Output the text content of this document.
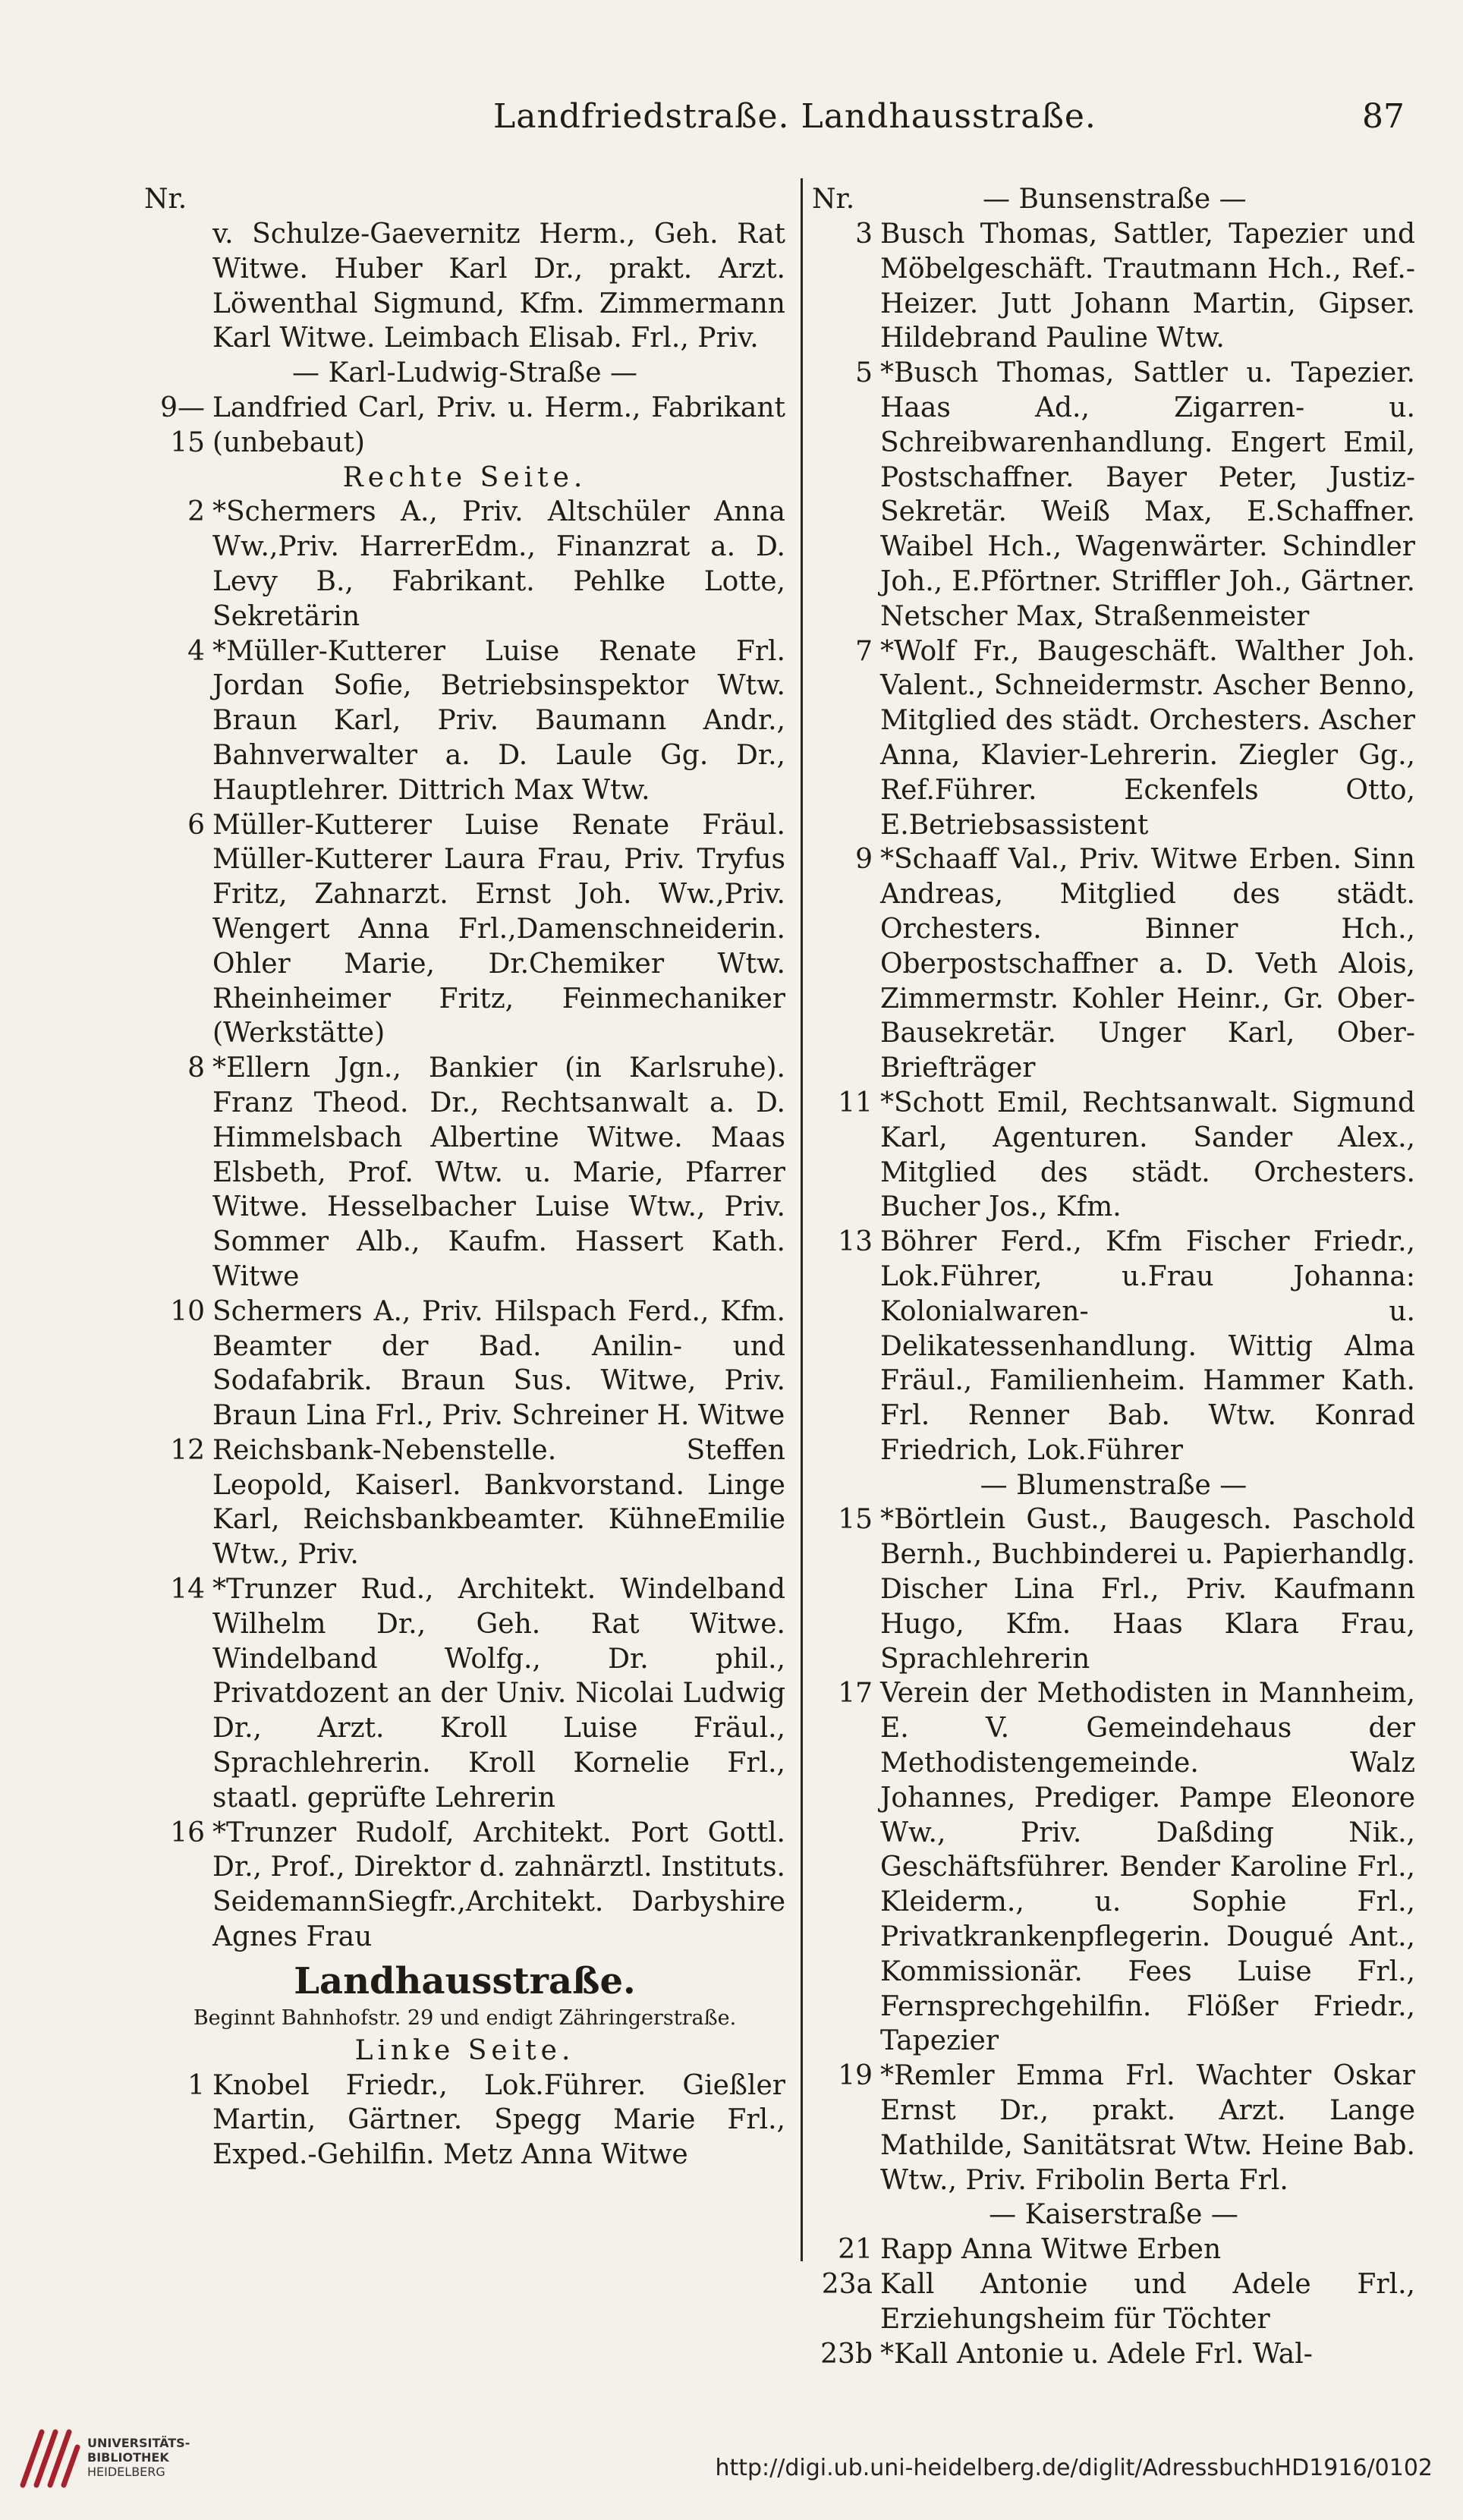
Landfriedstraße. Landhausstraße.	87
Nr.
v. Schulze-Gaevernitz Herm., Geh. Rat Witwe. Huber Karl Dr., prakt. Arzt. Löwenthal Sigmund, Kfm. Zimmermann Karl Witwe. Leimbach Elisab. Frl., Priv.
— Karl-Ludwig-Straße —
9—15
Landfried Carl, Priv. u. Herm., Fabrikant (unbebaut)
Rechte Seite.
2 *Schermers A., Priv. Altschüler Anna Ww.,Priv. HarrerEdm., Finanzrat a. D. Levy B., Fabrikant. Pehlke Lotte, Sekretärin
4 *Müller-Kutterer Luise Renate Frl. Jordan Sofie, Betriebsinspektor Wtw. Braun Karl, Priv. Baumann Andr., Bahnverwalter a. D. Laule Gg. Dr., Hauptlehrer. Dittrich Max Wtw.
6 Müller-Kutterer Luise Renate Fräul. Müller-Kutterer Laura Frau, Priv. Tryfus Fritz, Zahnarzt. Ernst Joh. Ww.,Priv. Wengert Anna Frl.,Damenschneiderin. Ohler Marie, Dr.Chemiker Wtw. Rheinheimer Fritz, Feinmechaniker (Werkstätte)
8 *Ellern Jgn., Bankier (in Karlsruhe). Franz Theod. Dr., Rechtsanwalt a. D. Himmelsbach Albertine Witwe. Maas Elsbeth, Prof. Wtw. u. Marie, Pfarrer Witwe. Hesselbacher Luise Wtw., Priv. Sommer Alb., Kaufm. Hassert Kath. Witwe
10 Schermers A., Priv. Hilspach Ferd., Kfm. Beamter der Bad. Anilin- und Sodafabrik. Braun Sus. Witwe, Priv. Braun Lina Frl., Priv. Schreiner H. Witwe
12 Reichsbank-Nebenstelle. Steffen Leopold, Kaiserl. Bankvorstand. Linge Karl, Reichsbankbeamter. KühneEmilie Wtw., Priv.
14 *Trunzer Rud., Architekt. Windelband Wilhelm Dr., Geh. Rat Witwe. Windelband Wolfg., Dr. phil., Privatdozent an der Univ. Nicolai Ludwig Dr., Arzt. Kroll Luise Fräul., Sprachlehrerin. Kroll Kornelie Frl., staatl. geprüfte Lehrerin
16 *Trunzer Rudolf, Architekt. Port Gottl. Dr., Prof., Direktor d. zahnärztl. Instituts. SeidemannSiegfr.,Architekt. Darbyshire Agnes Frau
Landhausstraße.
Beginnt Bahnhofstr. 29 und endigt Zähringerstraße.
Linke Seite.
1 Knobel Friedr., Lok.Führer. Gießler Martin, Gärtner. Spegg Marie Frl., Exped.-Gehilfin. Metz Anna Witwe
Nr.	— Bunsenstraße —
3 Busch Thomas, Sattler, Tapezier und Möbelgeschäft. Trautmann Hch., Ref.-Heizer. Jutt Johann Martin, Gipser. Hildebrand Pauline Wtw.
5 *Busch Thomas, Sattler u. Tapezier. Haas Ad., Zigarren- u. Schreibwarenhandlung. Engert Emil, Postschaffner. Bayer Peter, Justiz-Sekretär. Weiß Max, E.Schaffner. Waibel Hch., Wagenwärter. Schindler Joh., E.Pförtner. Striffler Joh., Gärtner. Netscher Max, Straßenmeister
7 *Wolf Fr., Baugeschäft. Walther Joh. Valent., Schneidermstr. Ascher Benno, Mitglied des städt. Orchesters. Ascher Anna, Klavier-Lehrerin. Ziegler Gg., Ref.Führer. Eckenfels Otto, E.Betriebsassistent
9 *Schaaff Val., Priv. Witwe Erben. Sinn Andreas, Mitglied des städt. Orchesters. Binner Hch., Oberpostschaffner a. D. Veth Alois, Zimmermstr. Kohler Heinr., Gr. Ober-Bausekretär. Unger Karl, Ober-Briefträger
11 *Schott Emil, Rechtsanwalt. Sigmund Karl, Agenturen. Sander Alex., Mitglied des städt. Orchesters. Bucher Jos., Kfm.
13 Böhrer Ferd., Kfm Fischer Friedr., Lok.Führer, u.Frau Johanna: Kolonialwaren- u. Delikatessenhandlung. Wittig Alma Fräul., Familienheim. Hammer Kath. Frl. Renner Bab. Wtw. Konrad Friedrich, Lok.Führer
— Blumenstraße —
15 *Börtlein Gust., Baugesch. Paschold Bernh., Buchbinderei u. Papierhandlg. Discher Lina Frl., Priv. Kaufmann Hugo, Kfm. Haas Klara Frau, Sprachlehrerin
17 Verein der Methodisten in Mannheim, E. V. Gemeindehaus der Methodistengemeinde. Walz Johannes, Prediger. Pampe Eleonore Ww., Priv. Daßding Nik., Geschäftsführer. Bender Karoline Frl., Kleiderm., u. Sophie Frl., Privatkrankenpflegerin. Dougué Ant., Kommissionär. Fees Luise Frl., Fernsprechgehilfin. Flößer Friedr., Tapezier
19 *Remler Emma Frl. Wachter Oskar Ernst Dr., prakt. Arzt. Lange Mathilde, Sanitätsrat Wtw. Heine Bab. Wtw., Priv. Fribolin Berta Frl.
— Kaiserstraße —
21 Rapp Anna Witwe Erben
23a Kall Antonie und Adele Frl., Erziehungsheim für Töchter
23b *Kall Antonie u. Adele Frl. Wal-
UNIVERSITÄTS-
BIBLIOTHEK
HEIDELBERG	http://digi.ub.uni-heidelberg.de/diglit/AdressbuchHD1916/0102
